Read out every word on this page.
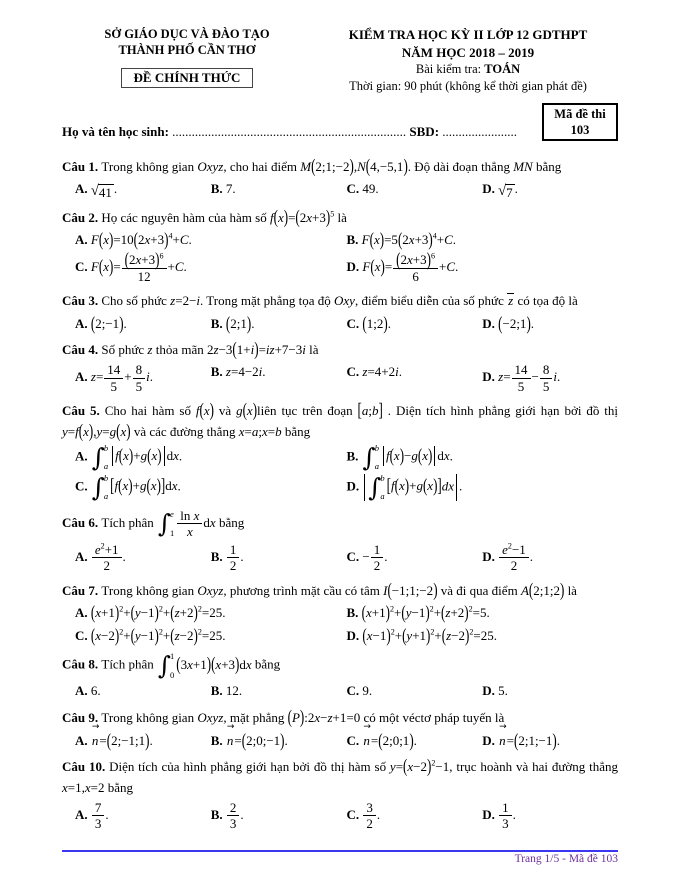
SỞ GIÁO DỤC VÀ ĐÀO TẠO
THÀNH PHỐ CẦN THƠ
ĐỀ CHÍNH THỨC
KIỂM TRA HỌC KỲ II LỚP 12 GDTHPT
NĂM HỌC 2018 – 2019
Bài kiểm tra: TOÁN
Thời gian: 90 phút (không kể thời gian phát đề)
Họ và tên học sinh: ........................................................................ SBD: .......................
Mã đề thi
103
Câu 1. Trong không gian Oxyz, cho hai điểm M(2;1;−2),N(4,−5,1). Độ dài đoạn thẳng MN bằng
A. √ 41 .	B. 7.	C. 49.	D. √ 7 .
Câu 2. Họ các nguyên hàm của hàm số $f(x)=(2x+3)^5$ là
A. $F(x)=10(2x+3)^4+C$.	B. $F(x)=5(2x+3)^4+C$.
C. $F(x)= \frac{(2x+3)^6}{12} +C$.	D. $F(x)= \frac{(2x+3)^6}{6} +C$.
Câu 3. Cho số phức z=2−i. Trong mặt phẳng tọa độ Oxy, điểm biểu diễn của số phức z có tọa độ là
A. (2;−1).	B. (2;1).	C. (1;2).	D. (−2;1).
Câu 4. Số phức z thỏa mãn 2z−3(1+i)=iz+7−3i là
A. $z= \frac{14}{5} + \frac{8}{5} i$.	B. z=4−2i.	C. z=4+2i.	D. $z= \frac{14}{5} - \frac{8}{5} i$.
Câu 5. Cho hai hàm số f(x) và g(x)liên tục trên đoạn [a;b] . Diện tích hình phẳng giới hạn bởi đồ thị y=f(x),y=g(x) và các đường thẳng x=a;x=b bằng
A. ∫ b
a
f(x)+g(x) dx.	B. ∫ b
a
f(x)−g(x) dx.
C. ∫ b
a
[f(x)+g(x)]dx.	D. ∫ b
a
[f(x)+g(x)]dx .
Câu 6. Tích phân ∫ e
$1 \frac{\text{ln x}}{x}$ dx bằng
A. $\frac{e^2+1}{2}$ .	B. $\frac{1}{2}$ .	C. − $\frac{1}{2}$ .	D. $\frac{e^2-1}{2}$ .
Câu 7. Trong không gian Oxyz, phương trình mặt cầu có tâm I(−1;1;−2) và đi qua điểm A(2;1;2) là
A. $(x+1)^2+(y-1)^2+(z+2)^2=25$.	B. $(x+1)^2+(y-1)^2+(z+2)^2=5$.
C. $(x-2)^2+(y-1)^2+(z-2)^2=25$.	D. $(x-1)^2+(y+1)^2+(z-2)^2=25$.
Câu 8. Tích phân ∫ 1
0
(3x+1)(x+3)dx bằng
A. 6.	B. 12.	C. 9.	D. 5.
Câu 9. Trong không gian Oxyz, mặt phẳng (P):2x−z+1=0 có một véctơ pháp tuyến là
A.
→
n=(2;−1;1).	B.
→
n=(2;0;−1).	C.
→
n=(2;0;1).	D.
→
n=(2;1;−1).
Câu 10. Diện tích của hình phẳng giới hạn bởi đồ thị hàm số $y=(x-2)^2-1$, trục hoành và hai đường thẳng x=1,x=2 bằng
A. $\frac{7}{3}$ .	B. $\frac{2}{3}$ .	C. $\frac{3}{2}$ .	D. $\frac{1}{3}$ .
Trang 1/5 - Mã đề 103
